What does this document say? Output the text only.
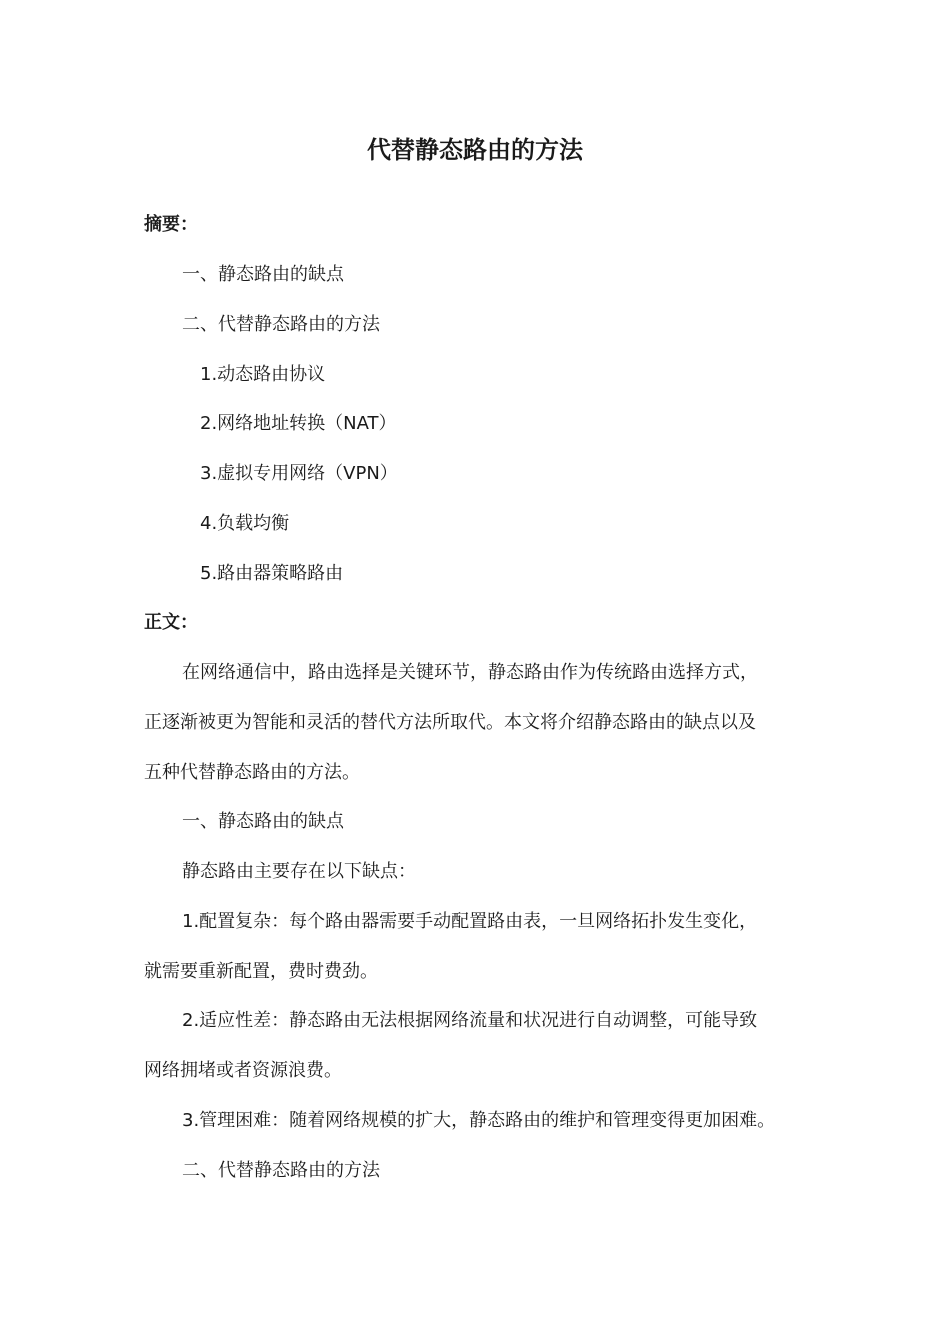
代替静态路由的方法
摘要：
一、静态路由的缺点
二、代替静态路由的方法
1.动态路由协议
2.网络地址转换（NAT）
3.虚拟专用网络（VPN）
4.负载均衡
5.路由器策略路由
正文：
在网络通信中，路由选择是关键环节，静态路由作为传统路由选择方式，
正逐渐被更为智能和灵活的替代方法所取代。本文将介绍静态路由的缺点以及
五种代替静态路由的方法。
一、静态路由的缺点
静态路由主要存在以下缺点：
1.配置复杂：每个路由器需要手动配置路由表，一旦网络拓扑发生变化，
就需要重新配置，费时费劲。
2.适应性差：静态路由无法根据网络流量和状况进行自动调整，可能导致
网络拥堵或者资源浪费。
3.管理困难：随着网络规模的扩大，静态路由的维护和管理变得更加困难。
二、代替静态路由的方法
